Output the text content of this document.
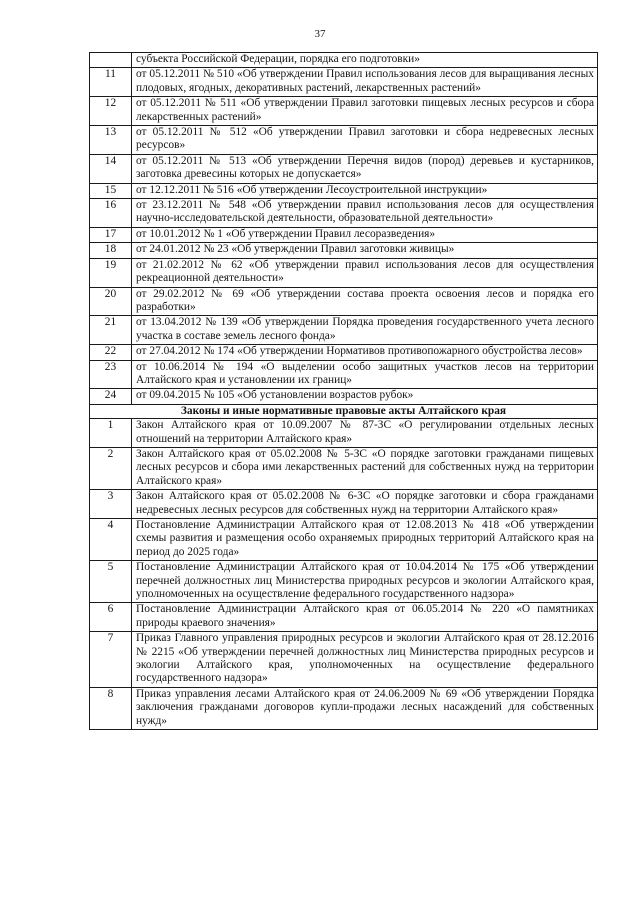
37
	субъекта Российской Федерации, порядка его подготовки»
11	от 05.12.2011 № 510 «Об утверждении Правил использования лесов для выращивания лесных плодовых, ягодных, декоративных растений, лекарственных растений»
12	от 05.12.2011 № 511 «Об утверждении Правил заготовки пищевых лесных ресурсов и сбора лекарственных растений»
13	от 05.12.2011 № 512 «Об утверждении Правил заготовки и сбора недревесных лесных ресурсов»
14	от 05.12.2011 № 513 «Об утверждении Перечня видов (пород) деревьев и кустарников, заготовка древесины которых не допускается»
15	от 12.12.2011 № 516 «Об утверждении Лесоустроительной инструкции»
16	от 23.12.2011 № 548 «Об утверждении правил использования лесов для осуществления научно-исследовательской деятельности, образовательной деятельности»
17	от 10.01.2012 № 1 «Об утверждении Правил лесоразведения»
18	от 24.01.2012 № 23 «Об утверждении Правил заготовки живицы»
19	от 21.02.2012 № 62 «Об утверждении правил использования лесов для осуществления рекреационной деятельности»
20	от 29.02.2012 № 69 «Об утверждении состава проекта освоения лесов и порядка его разработки»
21	от 13.04.2012 № 139 «Об утверждении Порядка проведения государственного учета лесного участка в составе земель лесного фонда»
22	от 27.04.2012 № 174 «Об утверждении Нормативов противопожарного обустройства лесов»
23	от 10.06.2014 № 194 «О выделении особо защитных участков лесов на территории Алтайского края и установлении их границ»
24	от 09.04.2015 № 105 «Об установлении возрастов рубок»
Законы и иные нормативные правовые акты Алтайского края	
1	Закон Алтайского края от 10.09.2007 № 87-ЗС «О регулировании отдельных лесных отношений на территории Алтайского края»
2	Закон Алтайского края от 05.02.2008 № 5-ЗС «О порядке заготовки гражданами пищевых лесных ресурсов и сбора ими лекарственных растений для собственных нужд на территории Алтайского края»
3	Закон Алтайского края от 05.02.2008 № 6-ЗС «О порядке заготовки и сбора гражданами недревесных лесных ресурсов для собственных нужд на территории Алтайского края»
4	Постановление Администрации Алтайского края от 12.08.2013 № 418 «Об утверждении схемы развития и размещения особо охраняемых природных территорий Алтайского края на период до 2025 года»
5	Постановление Администрации Алтайского края от 10.04.2014 № 175 «Об утверждении перечней должностных лиц Министерства природных ресурсов и экологии Алтайского края, уполномоченных на осуществление федерального государственного надзора»
6	Постановление Администрации Алтайского края от 06.05.2014 № 220 «О памятниках природы краевого значения»
7	Приказ Главного управления природных ресурсов и экологии Алтайского края от 28.12.2016 № 2215 «Об утверждении перечней должностных лиц Министерства природных ресурсов и экологии Алтайского края, уполномоченных на осуществление федерального государственного надзора»
8	Приказ управления лесами Алтайского края от 24.06.2009 № 69 «Об утверждении Порядка заключения гражданами договоров купли-продажи лесных насаждений для собственных нужд»
